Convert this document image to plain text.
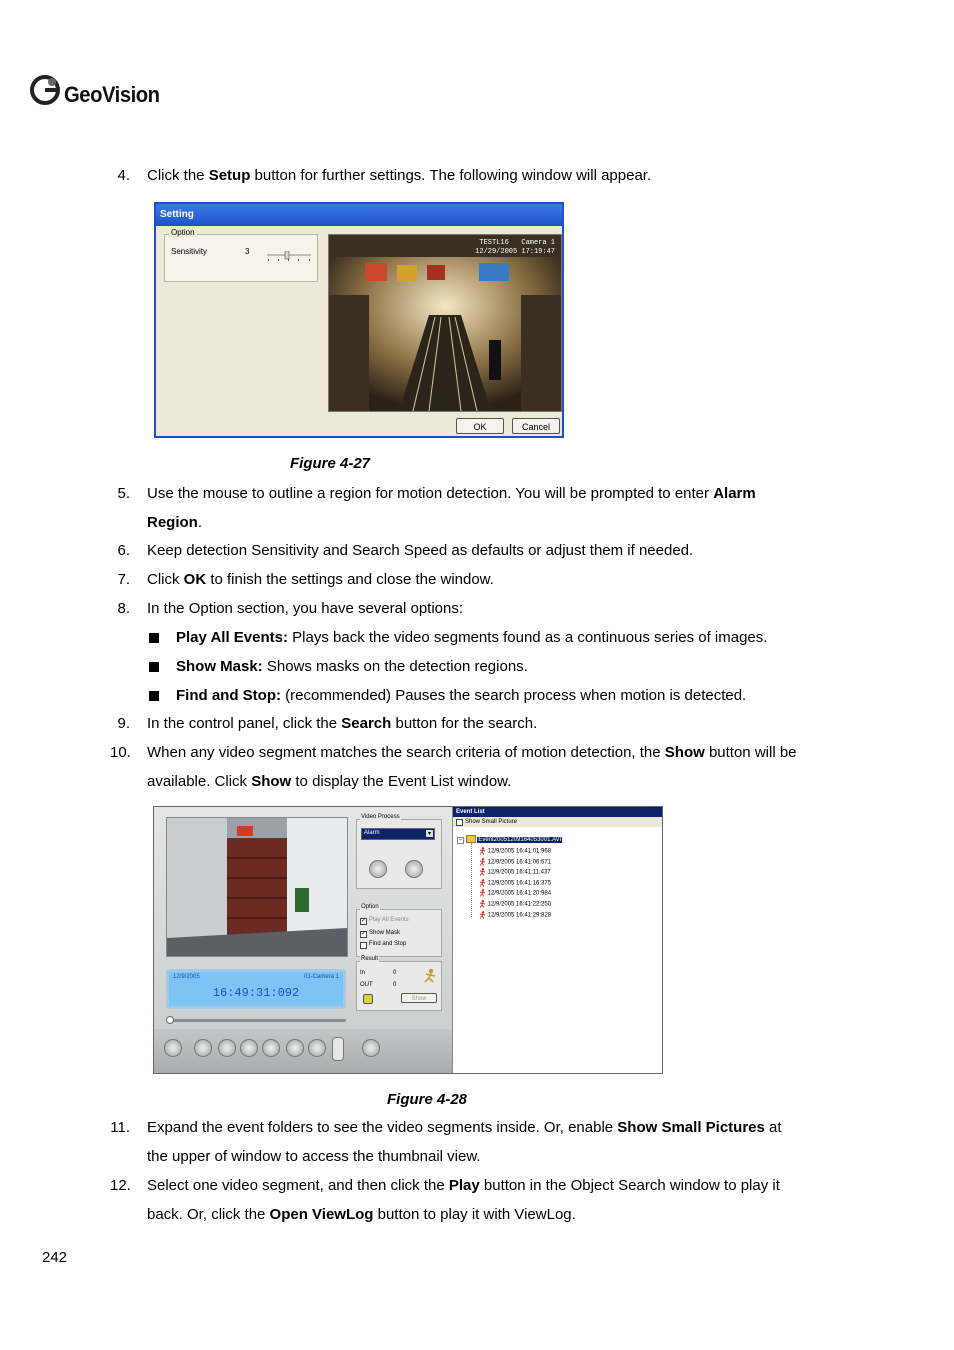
GeoVision
4. Click the Setup button for further settings. The following window will appear.
5. Use the mouse to outline a region for motion detection. You will be prompted to enter Alarm
Region.
6. Keep detection Sensitivity and Search Speed as defaults or adjust them if needed.
7. Click OK to finish the settings and close the window.
8. In the Option section, you have several options:
9. In the control panel, click the Search button for the search.
10. When any video segment matches the search criteria of motion detection, the Show button will be
available. Click Show to display the Event List window.
11. Expand the event folders to see the video segments inside. Or, enable Show Small Pictures at
the upper of window to access the thumbnail view.
12. Select one video segment, and then click the Play button in the Object Search window to play it
back. Or, click the Open ViewLog button to play it with ViewLog.
Play All Events: Plays back the video segments found as a continuous series of images.
Show Mask: Shows masks on the detection regions.
Find and Stop: (recommended) Pauses the search process when motion is detected.
Setting
Option
Sensitivity	3
TESTL16   Camera 1
12/29/2005 17:19:47
OK	Cancel
Figure 4-27
Video Process
Alarm	▾
Option
✓ Play All Events
✓ Show Mask
Find and Stop
Result
In	0
OUT	0
Show
12/9/2005	01-Camera 1
16:49:31:092
Event List
Show Small Picture
−	Event20051209164053001.AVI
12/9/2005 16:41:01:968
12/9/2005 16:41:06:671
12/9/2005 16:41:11:437
12/9/2005 16:41:16:375
12/9/2005 16:41:20:984
12/9/2005 16:41:22:250
12/9/2005 16:41:29:828
Figure 4-28
242
